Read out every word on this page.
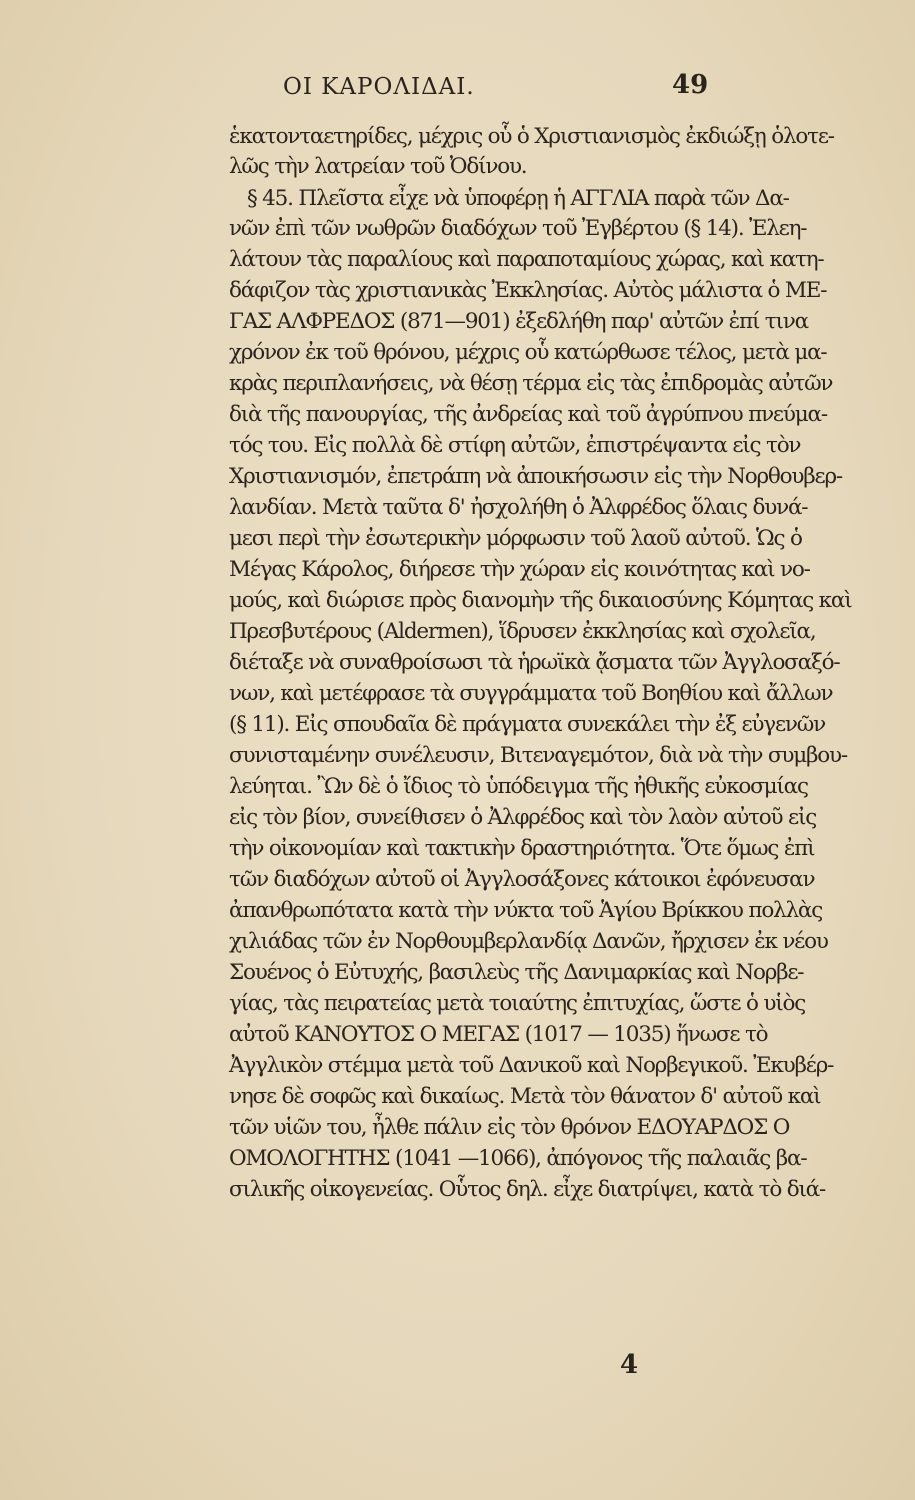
ΟΙ ΚΑΡΟΛΙΔΑΙ.	49
ἑκατονταετηρίδες, μέχρις οὗ ὁ Χριστιανισμὸς ἐκδιώξῃ ὁλοτε-
λῶς τὴν λατρείαν τοῦ Ὀδίνου.
§ 45. Πλεῖστα εἶχε νὰ ὑποφέρῃ ἡ ΑΓΓΛΙΑ παρὰ τῶν Δα-
νῶν ἐπὶ τῶν νωθρῶν διαδόχων τοῦ Ἐγβέρτου (§ 14). Ἐλεη-
λάτουν τὰς παραλίους καὶ παραποταμίους χώρας, καὶ κατη-
δάφιζον τὰς χριστιανικὰς Ἐκκλησίας. Αὐτὸς μάλιστα ὁ ΜΕ-
ΓΑΣ ΑΛΦΡΕΔΟΣ (871—901) ἐξεδλήθη παρ' αὐτῶν ἐπί τινα
χρόνον ἐκ τοῦ θρόνου, μέχρις οὗ κατώρθωσε τέλος, μετὰ μα-
κρὰς περιπλανήσεις, νὰ θέσῃ τέρμα εἰς τὰς ἐπιδρομὰς αὐτῶν
διὰ τῆς πανουργίας, τῆς ἀνδρείας καὶ τοῦ ἀγρύπνου πνεύμα-
τός του. Εἰς πολλὰ δὲ στίφη αὐτῶν, ἐπιστρέψαντα εἰς τὸν
Χριστιανισμόν, ἐπετράπη νὰ ἀποικήσωσιν εἰς τὴν Νορθουβερ-
λανδίαν. Μετὰ ταῦτα δ' ἠσχολήθη ὁ Ἀλφρέδος ὅλαις δυνά-
μεσι περὶ τὴν ἐσωτερικὴν μόρφωσιν τοῦ λαοῦ αὐτοῦ. Ὡς ὁ
Μέγας Κάρολος, διήρεσε τὴν χώραν εἰς κοινότητας καὶ νο-
μούς, καὶ διώρισε πρὸς διανομὴν τῆς δικαιοσύνης Κόμητας καὶ
Πρεσβυτέρους (Aldermen), ἵδρυσεν ἐκκλησίας καὶ σχολεῖα,
διέταξε νὰ συναθροίσωσι τὰ ἡρωϊκὰ ᾄσματα τῶν Ἀγγλοσαξό-
νων, καὶ μετέφρασε τὰ συγγράμματα τοῦ Βοηθίου καὶ ἄλλων
(§ 11). Εἰς σπουδαῖα δὲ πράγματα συνεκάλει τὴν ἐξ εὐγενῶν
συνισταμένην συνέλευσιν, Βιτεναγεμότον, διὰ νὰ τὴν συμβου-
λεύηται. Ὢν δὲ ὁ ἴδιος τὸ ὑπόδειγμα τῆς ἠθικῆς εὐκοσμίας
εἰς τὸν βίον, συνείθισεν ὁ Ἀλφρέδος καὶ τὸν λαὸν αὐτοῦ εἰς
τὴν οἰκονομίαν καὶ τακτικὴν δραστηριότητα. Ὅτε ὅμως ἐπὶ
τῶν διαδόχων αὐτοῦ οἱ Ἀγγλοσάξονες κάτοικοι ἐφόνευσαν
ἀπανθρωπότατα κατὰ τὴν νύκτα τοῦ Ἁγίου Βρίκκου πολλὰς
χιλιάδας τῶν ἐν Νορθουμβερλανδίᾳ Δανῶν, ἤρχισεν ἐκ νέου
Σουένος ὁ Εὐτυχής, βασιλεὺς τῆς Δανιμαρκίας καὶ Νορβε-
γίας, τὰς πειρατείας μετὰ τοιαύτης ἐπιτυχίας, ὥστε ὁ υἱὸς
αὐτοῦ ΚΑΝΟΥΤΟΣ Ο ΜΕΓΑΣ (1017 — 1035) ἥνωσε τὸ
Ἀγγλικὸν στέμμα μετὰ τοῦ Δανικοῦ καὶ Νορβεγικοῦ. Ἐκυβέρ-
νησε δὲ σοφῶς καὶ δικαίως. Μετὰ τὸν θάνατον δ' αὐτοῦ καὶ
τῶν υἱῶν του, ἦλθε πάλιν εἰς τὸν θρόνον ΕΔΟΥΑΡΔΟΣ Ο
ΟΜΟΛΟΓΗΤΗΣ (1041 —1066), ἀπόγονος τῆς παλαιᾶς βα-
σιλικῆς οἰκογενείας. Οὗτος δηλ. εἶχε διατρίψει, κατὰ τὸ διά-
4
